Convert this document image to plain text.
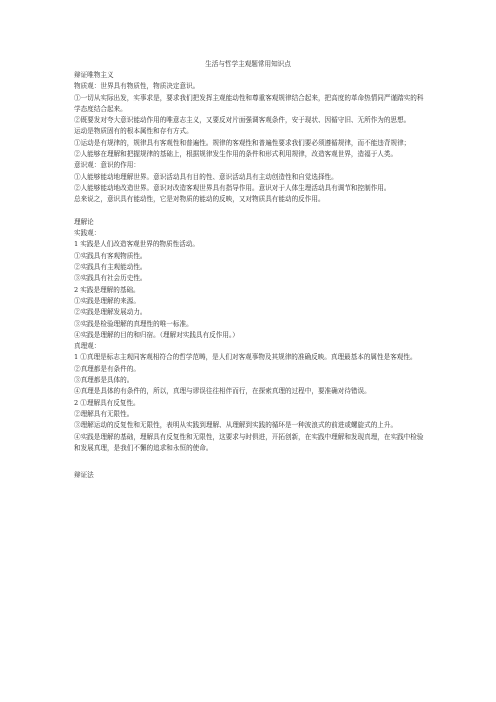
生活与哲学主观题常用知识点

辩证唯物主义

物质观：世界具有物质性，物质决定意识。

①一切从实际出发，实事求是，要求我们把发挥主观能动性和尊重客观规律结合起来，把高度的革命热情同严谨踏实的科学态度结合起来。

②既要发对夸大意识能动作用的唯意志主义，又要反对片面强调客观条件，安于现状、因循守旧、无所作为的思想。

运动是物质固有的根本属性和存有方式。

①运动是有规律的，规律具有客观性和普遍性。规律的客观性和普遍性要求我们要必须遵循规律，而不能违背规律；

②人能够在理解和把握规律的基础上，根据规律发生作用的条件和形式利用规律，改造客观世界，造福于人类。

意识观：意识的作用：

①人能够能动地理解世界。意识活动具有目的性、意识活动具有主动创造性和自觉选择性。

②人能够能动地改造世界。意识对改造客观世界具有指导作用。意识对于人体生理活动具有调节和控制作用。

总来说之，意识具有能动性，它是对物质的能动的反映，又对物质具有能动的反作用。

理解论

实践观：

1 实践是人们改造客观世界的物质性活动。

①实践具有客观物质性。

②实践具有主观能动性。

③实践具有社会历史性。

2 实践是理解的基础。

①实践是理解的来源。

②实践是理解发展动力。

③实践是检验理解的真理性的唯一标准。

④实践是理解的目的和归宿。（理解对实践具有反作用。）

真理观：

1 ①真理是标志主观同客观相符合的哲学范畴，是人们对客观事物及其规律的准确反映。真理最基本的属性是客观性。

②真理都是有条件的。

③真理都是具体的。

④真理是具体的有条件的，所以，真理与谬误往往相伴而行，在探索真理的过程中，要准确对待错误。

2 ①理解具有反复性。

②理解具有无限性。

③理解运动的反复性和无限性，表明从实践到理解、从理解到实践的循环是一种波浪式的前进或螺旋式的上升。

④实践是理解的基础，理解具有反复性和无限性，这要求与时俱进，开拓创新，在实践中理解和发现真理，在实践中检验和发展真理，是我们不懈的追求和永恒的使命。

辩证法
